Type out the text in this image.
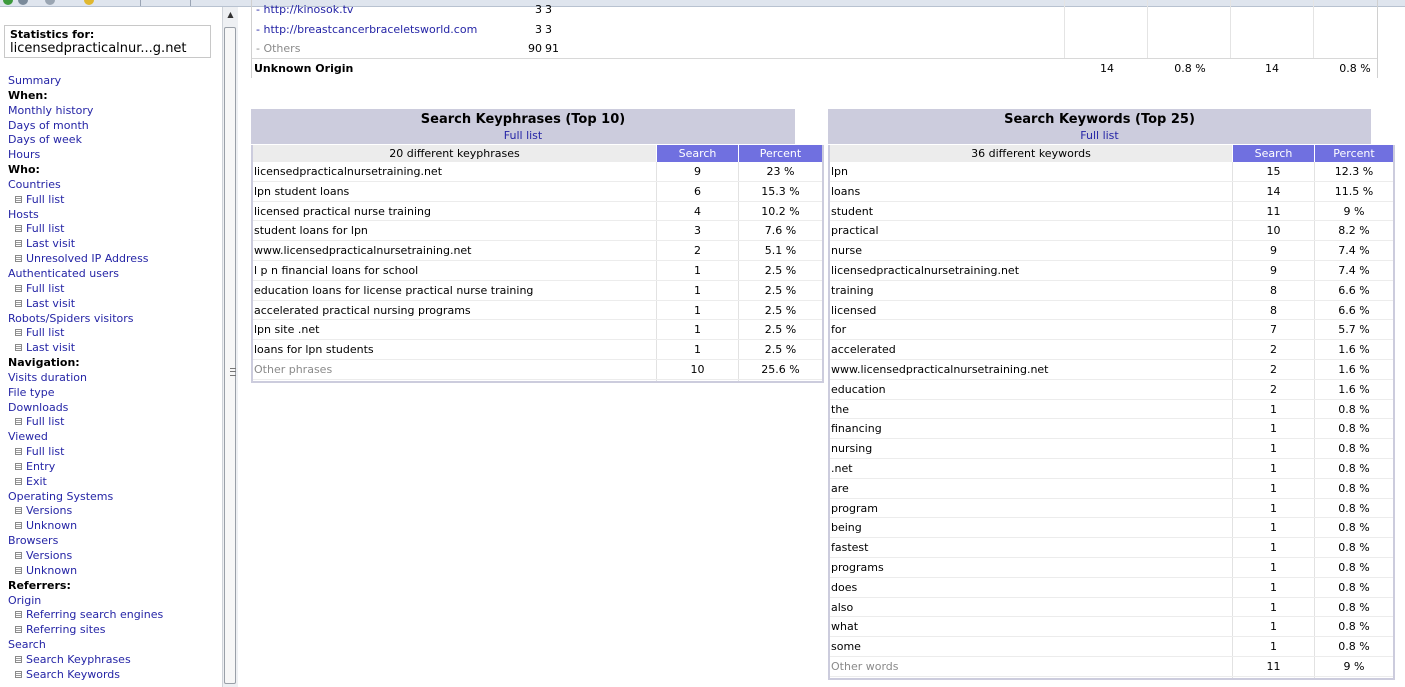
Statistics for:
licensedpracticalnur...g.net
Summary
When:
Monthly history
Days of month
Days of week
Hours
Who:
Countries
Full list
Hosts
Full list
Last visit
Unresolved IP Address
Authenticated users
Full list
Last visit
Robots/Spiders visitors
Full list
Last visit
Navigation:
Visits duration
File type
Downloads
Full list
Viewed
Full list
Entry
Exit
Operating Systems
Versions
Unknown
Browsers
Versions
Unknown
Referrers:
Origin
Referring search engines
Referring sites
Search
Search Keyphrases
Search Keywords
▲	- http://kinosok.tv	3 3
- http://breastcancerbraceletsworld.com	3 3
- Others	90 91
Unknown Origin	14	0.8 %	14	0.8 %
Search Keyphrases (Top 10)
Full list
20 different keyphrases	Search	Percent
licensedpracticalnursetraining.net	9	23 %
lpn student loans	6	15.3 %
licensed practical nurse training	4	10.2 %
student loans for lpn	3	7.6 %
www.licensedpracticalnursetraining.net	2	5.1 %
l p n financial loans for school	1	2.5 %
education loans for license practical nurse training	1	2.5 %
accelerated practical nursing programs	1	2.5 %
lpn site .net	1	2.5 %
loans for lpn students	1	2.5 %
Other phrases	10	25.6 %
Search Keywords (Top 25)
Full list
36 different keywords	Search	Percent
lpn	15	12.3 %
loans	14	11.5 %
student	11	9 %
practical	10	8.2 %
nurse	9	7.4 %
licensedpracticalnursetraining.net	9	7.4 %
training	8	6.6 %
licensed	8	6.6 %
for	7	5.7 %
accelerated	2	1.6 %
www.licensedpracticalnursetraining.net	2	1.6 %
education	2	1.6 %
the	1	0.8 %
financing	1	0.8 %
nursing	1	0.8 %
.net	1	0.8 %
are	1	0.8 %
program	1	0.8 %
being	1	0.8 %
fastest	1	0.8 %
programs	1	0.8 %
does	1	0.8 %
also	1	0.8 %
what	1	0.8 %
some	1	0.8 %
Other words	11	9 %
